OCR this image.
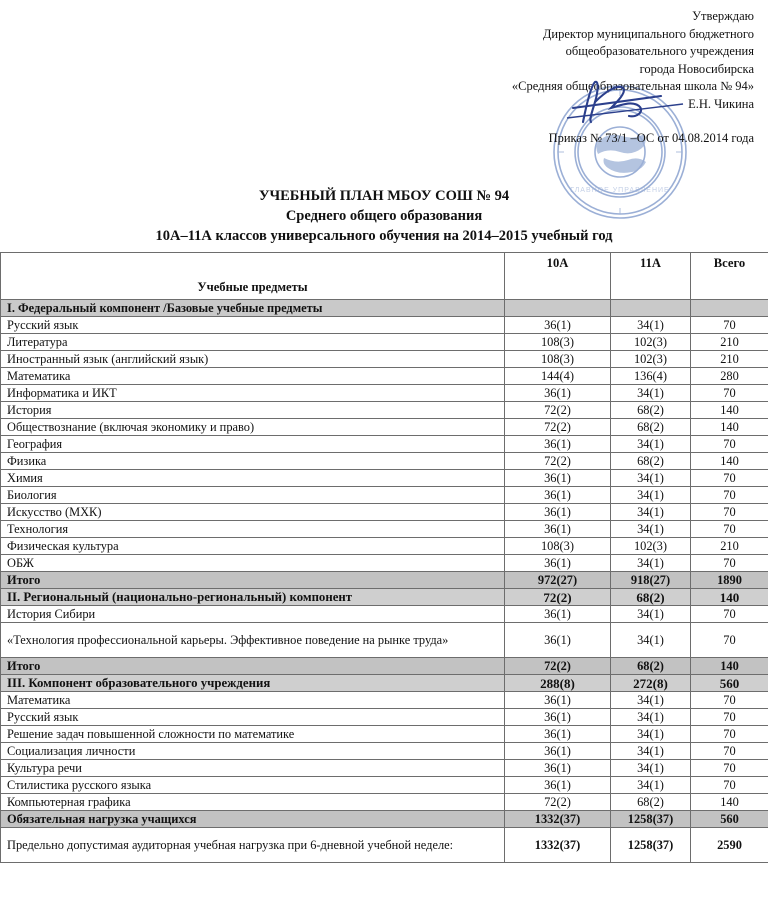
Утверждаю
Директор муниципального бюджетного
общеобразовательного учреждения
города Новосибирска
«Средняя общеобразовательная школа № 94»
Е.Н. Чикина
Приказ № 73/1 –ОС от 04.08.2014 года
ГЛАВНОЕ УПРАВЛЕНИЕ
УЧЕБНЫЙ ПЛАН МБОУ СОШ № 94
Среднего общего образования
10А–11А классов универсального обучения на 2014–2015 учебный год
Учебные предметы	10А	11А	Всего
I. Федеральный компонент /Базовые учебные предметы			
Русский язык	36(1)	34(1)	70
Литература	108(3)	102(3)	210
Иностранный язык (английский язык)	108(3)	102(3)	210
Математика	144(4)	136(4)	280
Информатика и ИКТ	36(1)	34(1)	70
История	72(2)	68(2)	140
Обществознание (включая экономику и право)	72(2)	68(2)	140
География	36(1)	34(1)	70
Физика	72(2)	68(2)	140
Химия	36(1)	34(1)	70
Биология	36(1)	34(1)	70
Искусство (МХК)	36(1)	34(1)	70
Технология	36(1)	34(1)	70
Физическая культура	108(3)	102(3)	210
ОБЖ	36(1)	34(1)	70
Итого	972(27)	918(27)	1890
II. Региональный (национально-региональный) компонент	72(2)	68(2)	140
История Сибири	36(1)	34(1)	70
«Технология профессиональной карьеры. Эффективное поведение на рынке труда»	36(1)	34(1)	70
Итого	72(2)	68(2)	140
III. Компонент образовательного учреждения	288(8)	272(8)	560
Математика	36(1)	34(1)	70
Русский язык	36(1)	34(1)	70
Решение задач повышенной сложности по математике	36(1)	34(1)	70
Социализация личности	36(1)	34(1)	70
Культура речи	36(1)	34(1)	70
Стилистика русского языка	36(1)	34(1)	70
Компьютерная графика	72(2)	68(2)	140
Обязательная нагрузка учащихся	1332(37)	1258(37)	560
Предельно допустимая аудиторная учебная нагрузка при 6-дневной учебной неделе:	1332(37)	1258(37)	2590
